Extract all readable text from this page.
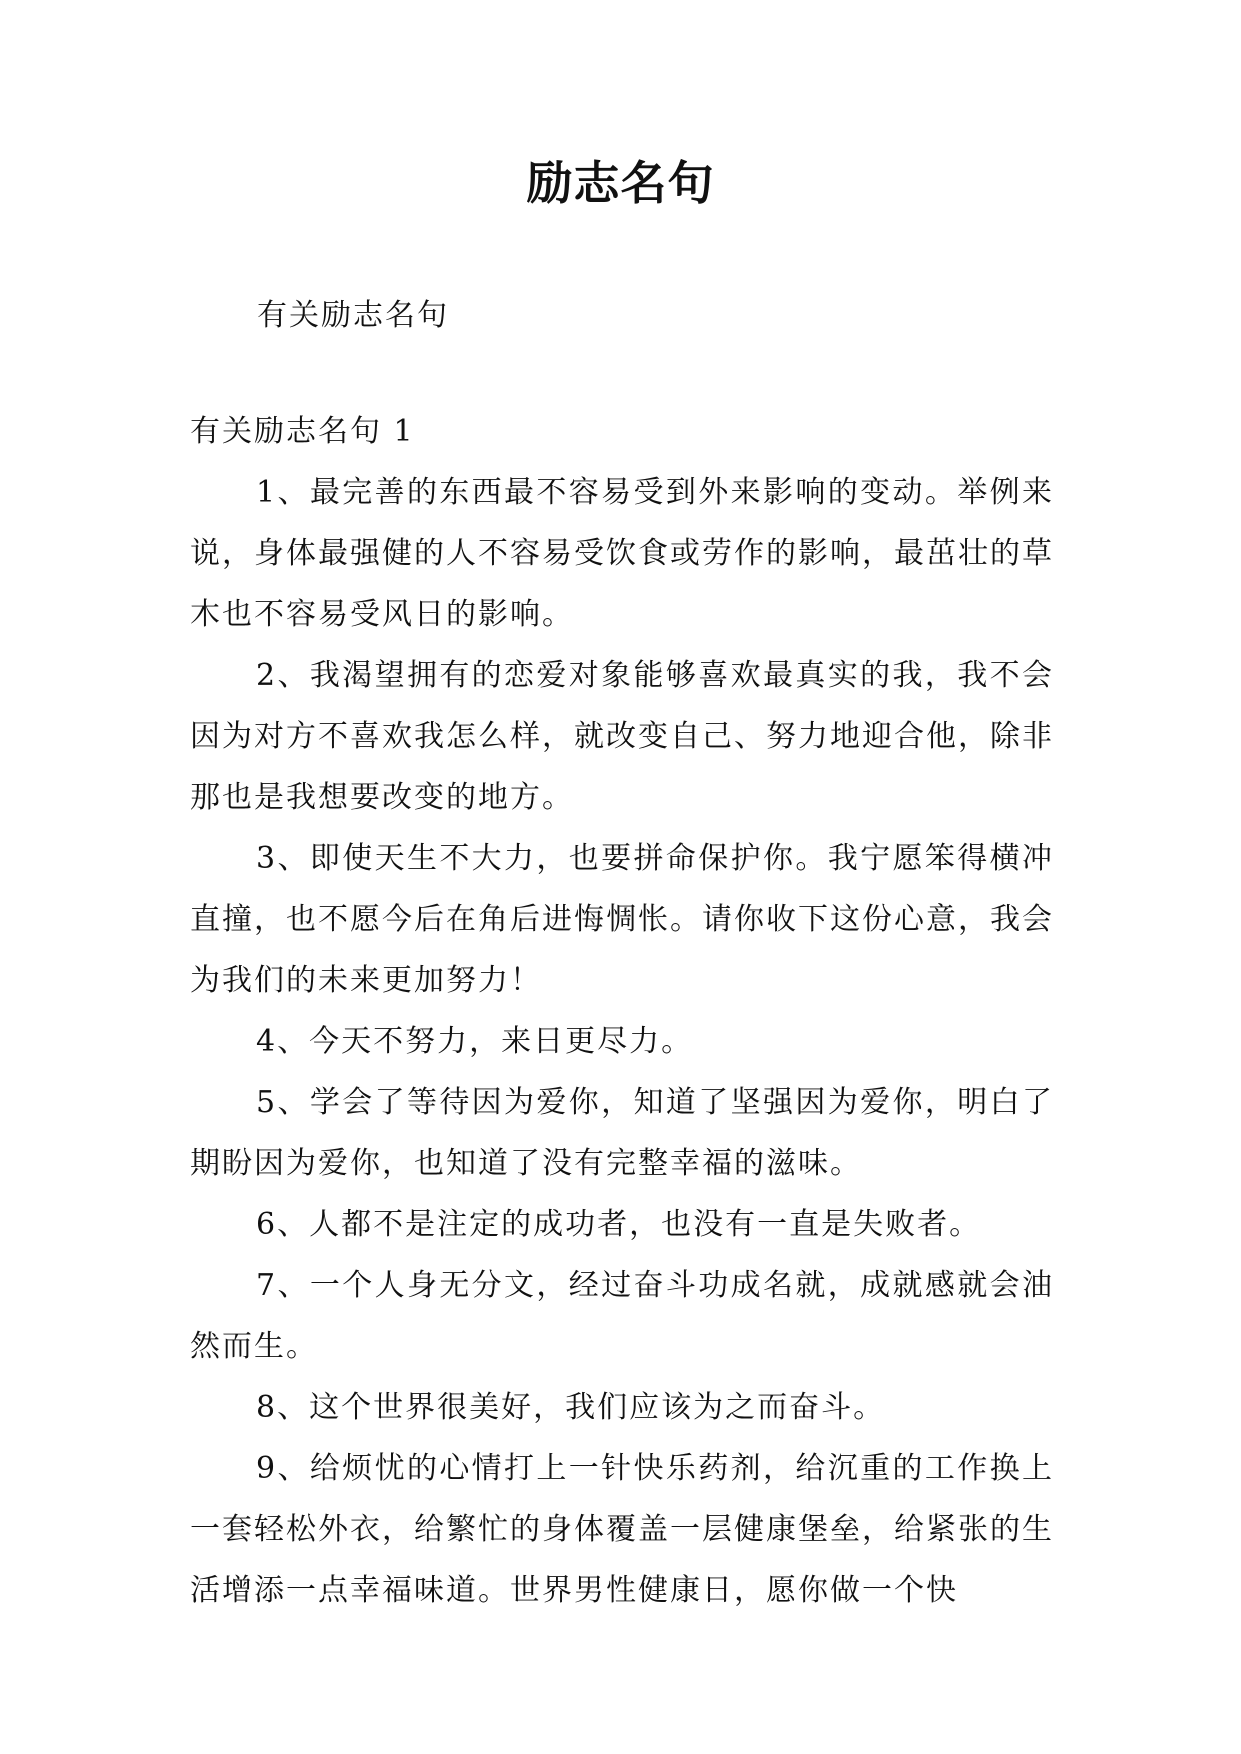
励志名句

有关励志名句

有关励志名句 1

1、最完善的东西最不容易受到外来影响的变动。举例来说，身体最强健的人不容易受饮食或劳作的影响，最茁壮的草木也不容易受风日的影响。

2、我渴望拥有的恋爱对象能够喜欢最真实的我，我不会因为对方不喜欢我怎么样，就改变自己、努力地迎合他，除非那也是我想要改变的地方。

3、即使天生不大力，也要拼命保护你。我宁愿笨得横冲直撞，也不愿今后在角后进悔惆怅。请你收下这份心意，我会为我们的未来更加努力！

4、今天不努力，来日更尽力。

5、学会了等待因为爱你，知道了坚强因为爱你，明白了期盼因为爱你，也知道了没有完整幸福的滋味。

6、人都不是注定的成功者，也没有一直是失败者。

7、一个人身无分文，经过奋斗功成名就，成就感就会油然而生。

8、这个世界很美好，我们应该为之而奋斗。

9、给烦忧的心情打上一针快乐药剂，给沉重的工作换上一套轻松外衣，给繁忙的身体覆盖一层健康堡垒，给紧张的生活增添一点幸福味道。世界男性健康日，愿你做一个快
